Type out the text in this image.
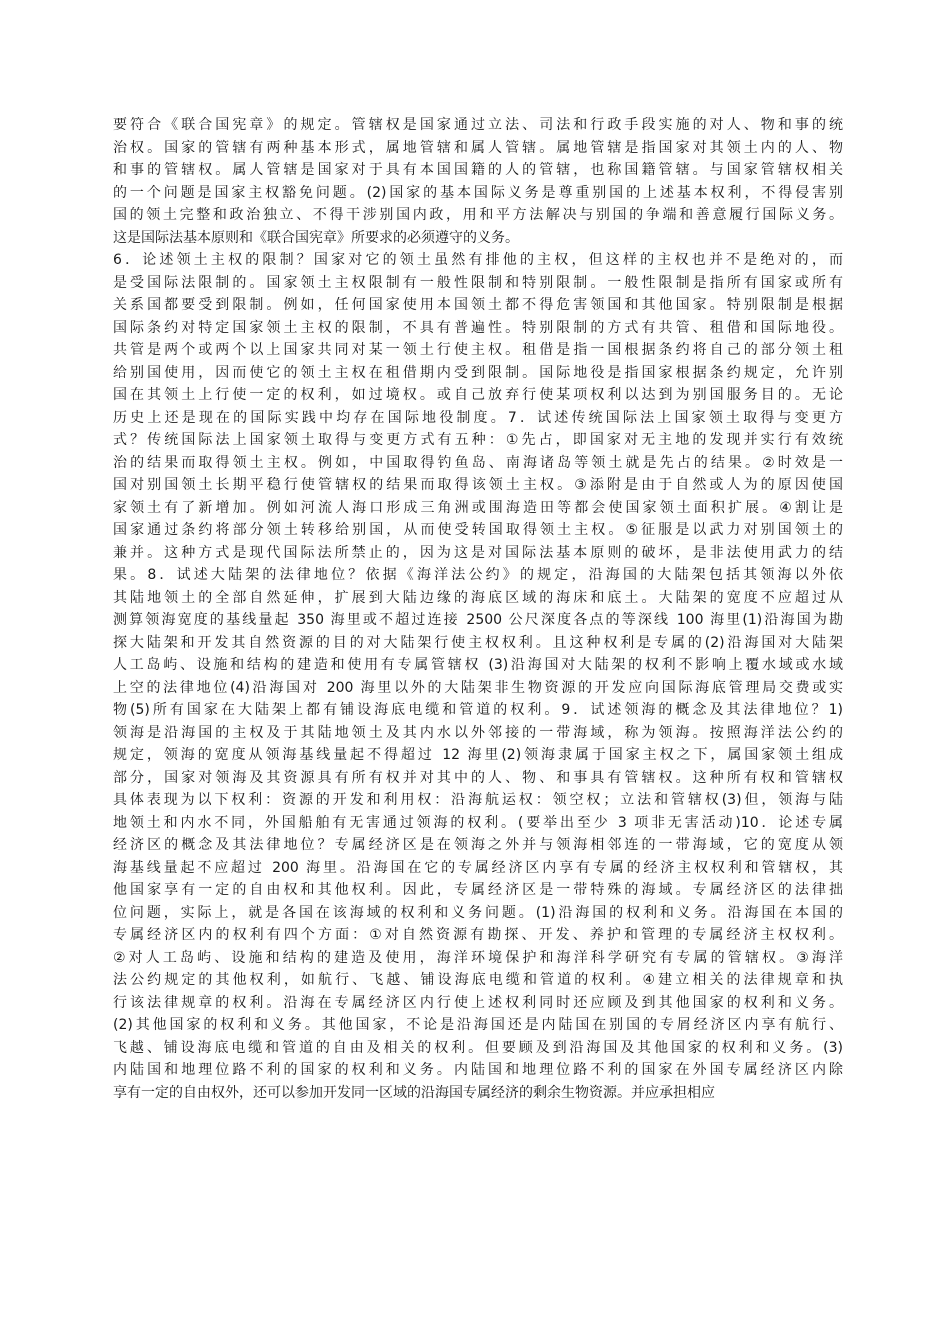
要符合《联合国宪章》的规定。管辖权是国家通过立法、司法和行政手段实施的对人、物和事的统
治权。国家的管辖有两种基本形式，属地管辖和属人管辖。属地管辖是指国家对其领土内的人、物
和事的管辖权。属人管辖是国家对于具有本国国籍的人的管辖，也称国籍管辖。与国家管辖权相关
的一个问题是国家主权豁免问题。(2)国家的基本国际义务是尊重别国的上述基本权利，不得侵害别
国的领土完整和政治独立、不得干涉别国内政，用和平方法解决与别国的争端和善意履行国际义务。
这是国际法基本原则和《联合国宪章》所要求的必须遵守的义务。
6．论述领土主权的限制？国家对它的领土虽然有排他的主权，但这样的主权也并不是绝对的，而
是受国际法限制的。国家领土主权限制有一般性限制和特别限制。一般性限制是指所有国家或所有
关系国都要受到限制。例如，任何国家使用本国领土都不得危害领国和其他国家。特别限制是根据
国际条约对特定国家领土主权的限制，不具有普遍性。特别限制的方式有共管、租借和国际地役。
共管是两个或两个以上国家共同对某一领土行使主权。租借是指一国根据条约将自己的部分领土租
给别国使用，因而使它的领土主权在租借期内受到限制。国际地役是指国家根据条约规定，允许别
国在其领土上行使一定的权利，如过境权。或自己放弃行使某项权利以达到为别国服务目的。无论
历史上还是现在的国际实践中均存在国际地役制度。7．试述传统国际法上国家领土取得与变更方
式？传统国际法上国家领土取得与变更方式有五种：①先占，即国家对无主地的发现并实行有效统
治的结果而取得领土主权。例如，中国取得钓鱼岛、南海诸岛等领土就是先占的结果。②时效是一
国对别国领土长期平稳行使管辖权的结果而取得该领土主权。③添附是由于自然或人为的原因使国
家领土有了新增加。例如河流人海口形成三角洲或围海造田等都会使国家领土面积扩展。④割让是
国家通过条约将部分领土转移给别国，从而使受转国取得领土主权。⑤征服是以武力对别国领土的
兼并。这种方式是现代国际法所禁止的，因为这是对国际法基本原则的破坏，是非法使用武力的结
果。8．试述大陆架的法律地位？依据《海洋法公约》的规定，沿海国的大陆架包括其领海以外依
其陆地领土的全部自然延伸，扩展到大陆边缘的海底区域的海床和底土。大陆架的宽度不应超过从
测算领海宽度的基线量起 350 海里或不超过连接 2500 公尺深度各点的等深线 100 海里(1)沿海国为勘
探大陆架和开发其自然资源的目的对大陆架行使主权权利。且这种权利是专属的(2)沿海国对大陆架
人工岛屿、设施和结构的建造和使用有专属管辖权 (3)沿海国对大陆架的权利不影响上覆水域或水域
上空的法律地位(4)沿海国对 200 海里以外的大陆架非生物资源的开发应向国际海底管理局交费或实
物(5)所有国家在大陆架上都有铺设海底电缆和管道的权利。9．试述领海的概念及其法律地位？1)
领海是沿海国的主权及于其陆地领土及其内水以外邻接的一带海域，称为领海。按照海洋法公约的
规定，领海的宽度从领海基线量起不得超过 12 海里(2)领海隶属于国家主权之下，属国家领土组成
部分，国家对领海及其资源具有所有权并对其中的人、物、和事具有管辖权。这种所有权和管辖权
具体表现为以下权利：资源的开发和利用权：沿海航运权：领空权；立法和管辖权(3)但，领海与陆
地领土和内水不同，外国船舶有无害通过领海的权利。(要举出至少 3 项非无害活动)10．论述专属
经济区的概念及其法律地位？专属经济区是在领海之外并与领海相邻连的一带海域，它的宽度从领
海基线量起不应超过 200 海里。沿海国在它的专属经济区内享有专属的经济主权权利和管辖权，其
他国家享有一定的自由权和其他权利。因此，专属经济区是一带特殊的海域。专属经济区的法律拙
位问题，实际上，就是各国在该海域的权利和义务问题。(1)沿海国的权利和义务。沿海国在本国的
专属经济区内的权利有四个方面：①对自然资源有勘探、开发、养护和管理的专属经济主权权利。
②对人工岛屿、设施和结构的建造及使用，海洋环境保护和海洋科学研究有专属的管辖权。③海洋
法公约规定的其他权利，如航行、飞越、铺设海底电缆和管道的权利。④建立相关的法律规章和执
行该法律规章的权利。沿海在专属经济区内行使上述权利同时还应顾及到其他国家的权利和义务。
(2)其他国家的权利和义务。其他国家，不论是沿海国还是内陆国在别国的专屑经济区内享有航行、
飞越、铺设海底电缆和管道的自由及相关的权利。但要顾及到沿海国及其他国家的权利和义务。(3)
内陆国和地理位路不利的国家的权利和义务。内陆国和地理位路不利的国家在外国专属经济区内除
享有一定的自由权外，还可以参加开发同一区域的沿海国专属经济的剩余生物资源。并应承担相应
